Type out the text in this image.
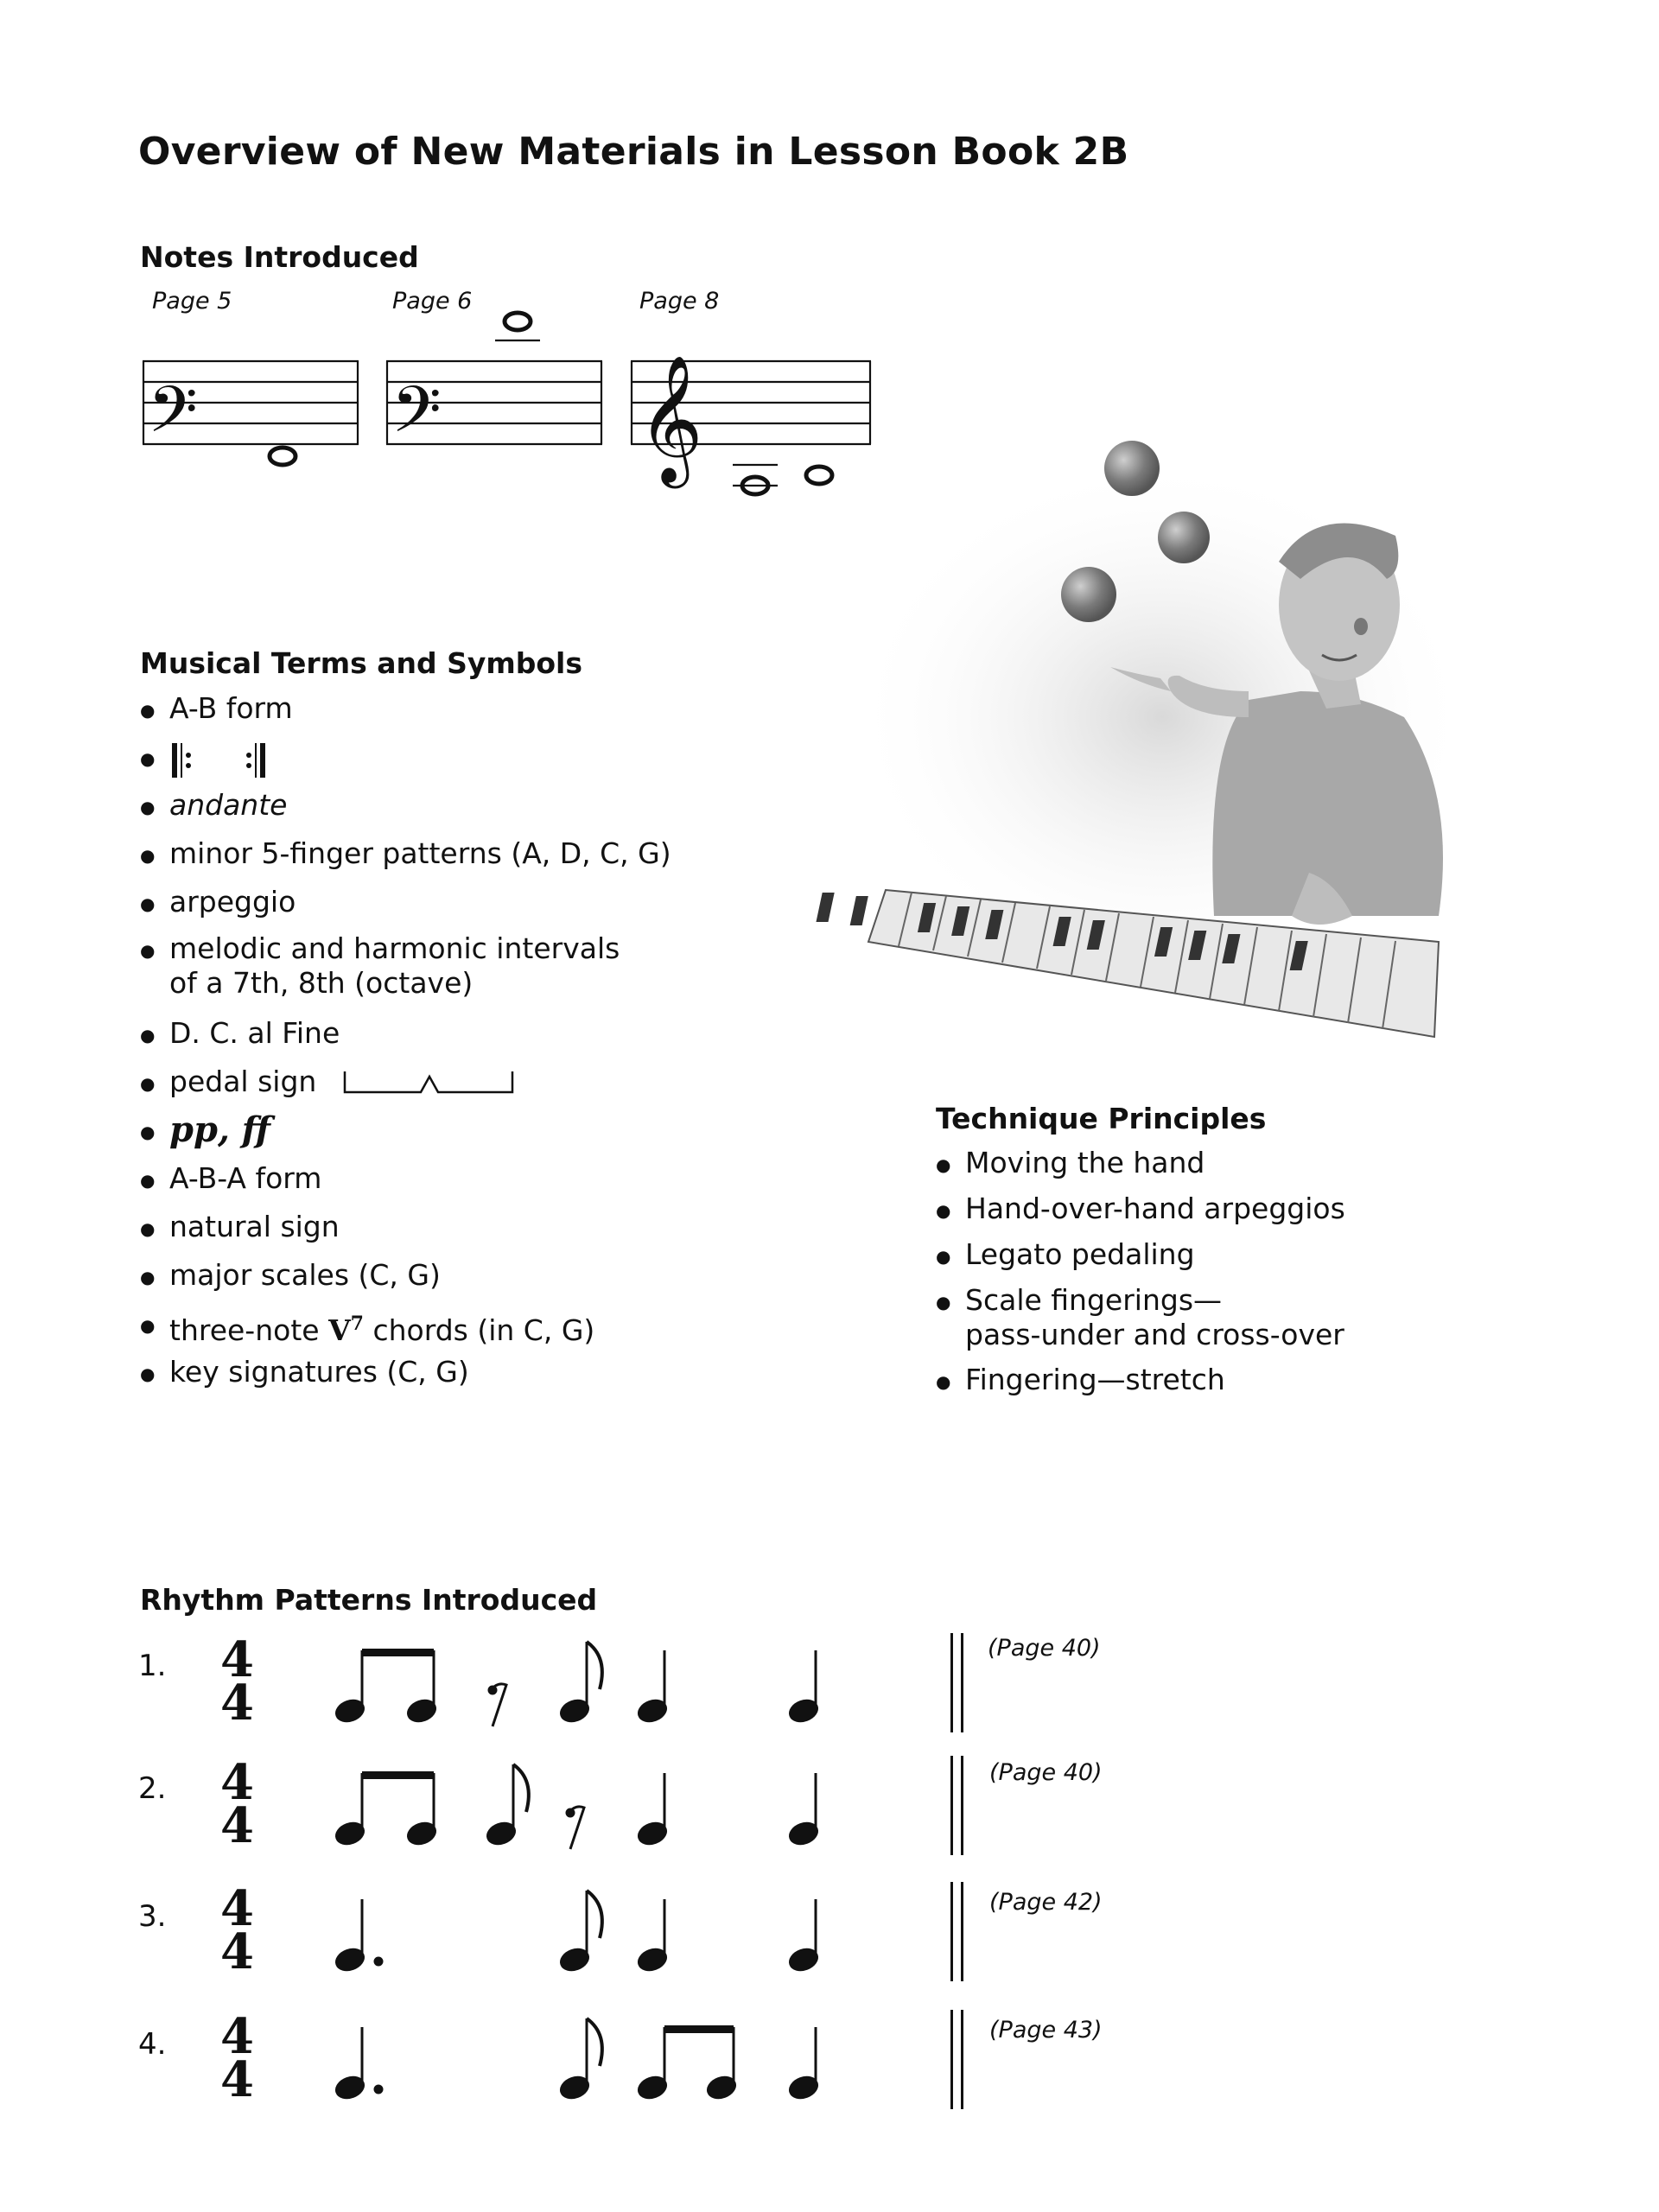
Overview of New Materials in Lesson Book 2B
Notes Introduced
Page 5	Page 6	Page 8
𝄢 𝄢 𝄞
Musical Terms and Symbols
● A-B form
●
● andante
● minor 5-finger patterns (A, D, C, G)
● arpeggio
● melodic and harmonic intervals
of a 7th, 8th (octave)
● D. C. al Fine
● pedal sign
● pp, ff
● A-B-A form
● natural sign
● major scales (C, G)
● three-note $V^7$ chords (in C, G)
● key signatures (C, G)
Technique Principles
● Moving the hand
● Hand-over-hand arpeggios
● Legato pedaling
● Scale fingerings—
pass-under and cross-over
● Fingering—stretch
Rhythm Patterns Introduced
1. 4
4
(Page 40)
2. 4
4
(Page 40)
3. 4
4
(Page 42)
4. 4
4
(Page 43)
